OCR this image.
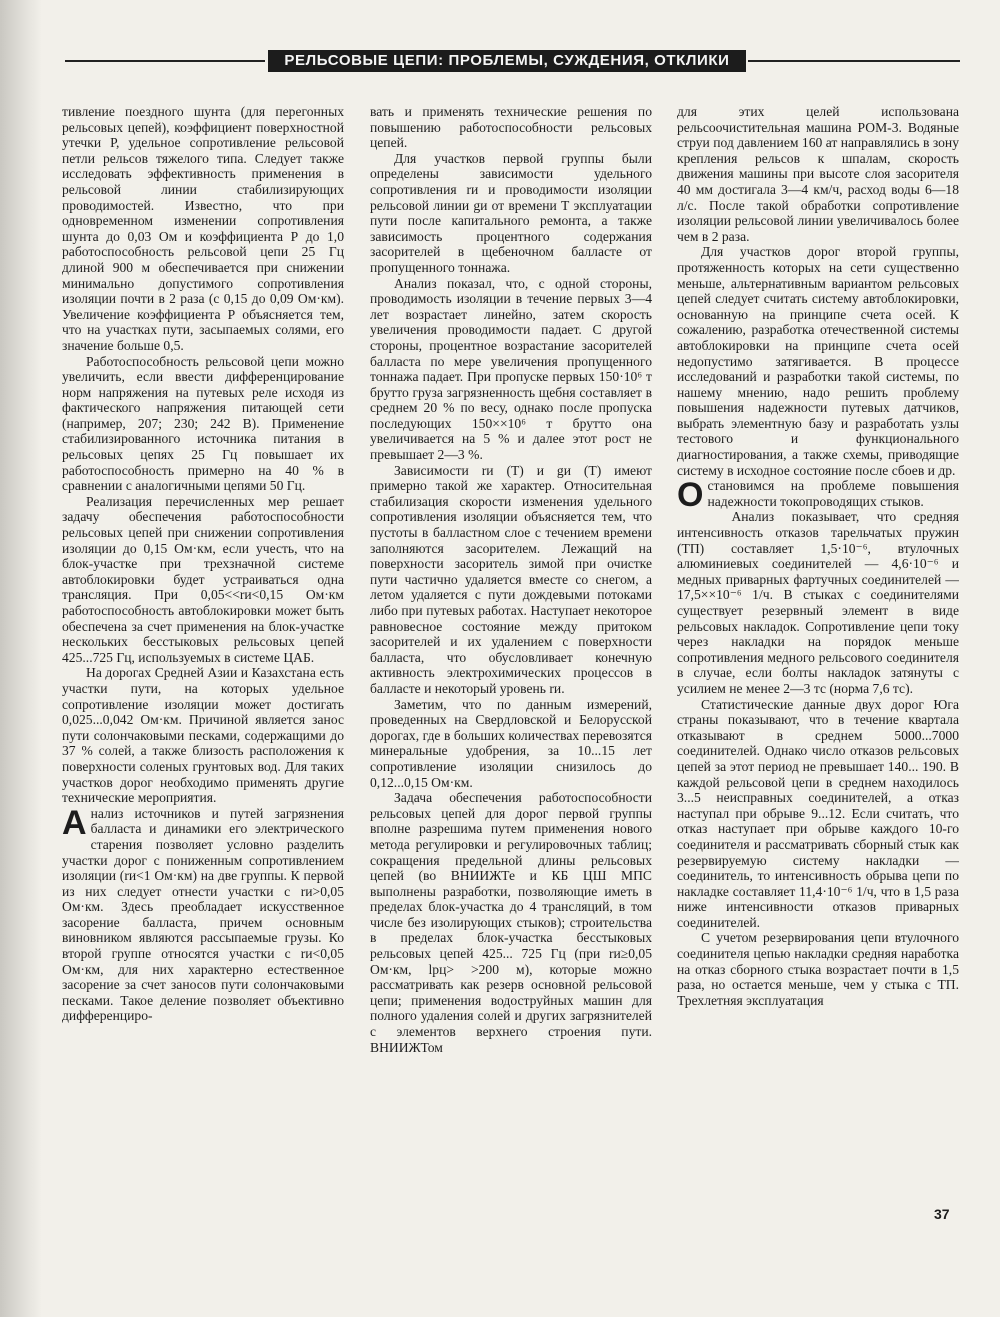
РЕЛЬСОВЫЕ ЦЕПИ: ПРОБЛЕМЫ, СУЖДЕНИЯ, ОТКЛИКИ

тивление поездного шунта (для перегонных рельсовых цепей), коэффициент поверхностной утечки Р, удельное сопротивление рельсовой петли рельсов тяжелого типа. Следует также исследовать эффективность применения в рельсовой линии стабилизирующих проводимостей. Известно, что при одновременном изменении сопротивления шунта до 0,03 Ом и коэффициента Р до 1,0 работоспособность рельсовой цепи 25 Гц длиной 900 м обеспечивается при снижении минимально допустимого сопротивления изоляции почти в 2 раза (с 0,15 до 0,09 Ом·км). Увеличение коэффициента Р объясняется тем, что на участках пути, засыпаемых солями, его значение больше 0,5.

Работоспособность рельсовой цепи можно увеличить, если ввести дифференцирование норм напряжения на путевых реле исходя из фактического напряжения питающей сети (например, 207; 230; 242 В). Применение стабилизированного источника питания в рельсовых цепях 25 Гц повышает их работоспособность примерно на 40 % в сравнении с аналогичными цепями 50 Гц.

Реализация перечисленных мер решает задачу обеспечения работоспособности рельсовых цепей при снижении сопротивления изоляции до 0,15 Ом·км, если учесть, что на блок-участке при трехзначной системе автоблокировки будет устраиваться одна трансляция. При 0,05<<rи<0,15 Ом·км работоспособность автоблокировки может быть обеспечена за счет применения на блок-участке нескольких бесстыковых рельсовых цепей 425...725 Гц, используемых в системе ЦАБ.

На дорогах Средней Азии и Казахстана есть участки пути, на которых удельное сопротивление изоляции может достигать 0,025...0,042 Ом·км. Причиной является занос пути солончаковыми песками, содержащими до 37 % солей, а также близость расположения к поверхности соленых грунтовых вод. Для таких участков дорог необходимо применять другие технические мероприятия.

Анализ источников и путей загрязнения балласта и динамики его электрического старения позволяет условно разделить участки дорог с пониженным сопротивлением изоляции (rи<1 Ом·км) на две группы. К первой из них следует отнести участки с rи>0,05 Ом·км. Здесь преобладает искусственное засорение балласта, причем основным виновником являются рассыпаемые грузы. Ко второй группе относятся участки с rи<0,05 Ом·км, для них характерно естественное засорение за счет заносов пути солончаковыми песками. Такое деление позволяет объективно дифференциро-

вать и применять технические решения по повышению работоспособности рельсовых цепей.

Для участков первой группы были определены зависимости удельного сопротивления rи и проводимости изоляции рельсовой линии gи от времени Т эксплуатации пути после капитального ремонта, а также зависимость процентного содержания засорителей в щебеночном балласте от пропущенного тоннажа.

Анализ показал, что, с одной стороны, проводимость изоляции в течение первых 3—4 лет возрастает линейно, затем скорость увеличения проводимости падает. С другой стороны, процентное возрастание засорителей балласта по мере увеличения пропущенного тоннажа падает. При пропуске первых 150·10⁶ т брутто груза загрязненность щебня составляет в среднем 20 % по весу, однако после пропуска последующих 150××10⁶ т брутто она увеличивается на 5 % и далее этот рост не превышает 2—3 %.

Зависимости rи (Т) и gи (Т) имеют примерно такой же характер. Относительная стабилизация скорости изменения удельного сопротивления изоляции объясняется тем, что пустоты в балластном слое с течением времени заполняются засорителем. Лежащий на поверхности засоритель зимой при очистке пути частично удаляется вместе со снегом, а летом удаляется с пути дождевыми потоками либо при путевых работах. Наступает некоторое равновесное состояние между притоком засорителей и их удалением с поверхности балласта, что обусловливает конечную активность электрохимических процессов в балласте и некоторый уровень rи.

Заметим, что по данным измерений, проведенных на Свердловской и Белорусской дорогах, где в больших количествах перевозятся минеральные удобрения, за 10...15 лет сопротивление изоляции снизилось до 0,12...0,15 Ом·км.

Задача обеспечения работоспособности рельсовых цепей для дорог первой группы вполне разрешима путем применения нового метода регулировки и регулировочных таблиц; сокращения предельной длины рельсовых цепей (во ВНИИЖТе и КБ ЦШ МПС выполнены разработки, позволяющие иметь в пределах блок-участка до 4 трансляций, в том числе без изолирующих стыков); строительства в пределах блок-участка бесстыковых рельсовых цепей 425... 725 Гц (при rи≥0,05 Ом·км, lрц> >200 м), которые можно рассматривать как резерв основной рельсовой цепи; применения водоструйных машин для полного удаления солей и других загрязнителей с элементов верхнего строения пути. ВНИИЖТом

для этих целей использована рельсоочистительная машина РОМ-3. Водяные струи под давлением 160 ат направлялись в зону крепления рельсов к шпалам, скорость движения машины при высоте слоя засорителя 40 мм достигала 3—4 км/ч, расход воды 6—18 л/с. После такой обработки сопротивление изоляции рельсовой линии увеличивалось более чем в 2 раза.

Для участков дорог второй группы, протяженность которых на сети существенно меньше, альтернативным вариантом рельсовых цепей следует считать систему автоблокировки, основанную на принципе счета осей. К сожалению, разработка отечественной системы автоблокировки на принципе счета осей недопустимо затягивается. В процессе исследований и разработки такой системы, по нашему мнению, надо решить проблему повышения надежности путевых датчиков, выбрать элементную базу и разработать узлы тестового и функционального диагностирования, а также схемы, приводящие систему в исходное состояние после сбоев и др.

Остановимся на проблеме повышения надежности токопроводящих стыков.

Анализ показывает, что средняя интенсивность отказов тарельчатых пружин (ТП) составляет 1,5·10⁻⁶, втулочных алюминиевых соединителей — 4,6·10⁻⁶ и медных приварных фартучных соединителей — 17,5××10⁻⁶ 1/ч. В стыках с соединителями существует резервный элемент в виде рельсовых накладок. Сопротивление цепи току через накладки на порядок меньше сопротивления медного рельсового соединителя в случае, если болты накладок затянуты с усилием не менее 2—3 тс (норма 7,6 тс).

Статистические данные двух дорог Юга страны показывают, что в течение квартала отказывают в среднем 5000...7000 соединителей. Однако число отказов рельсовых цепей за этот период не превышает 140... 190. В каждой рельсовой цепи в среднем находилось 3...5 неисправных соединителей, а отказ наступал при обрыве 9...12. Если считать, что отказ наступает при обрыве каждого 10-го соединителя и рассматривать сборный стык как резервируемую систему накладки — соединитель, то интенсивность обрыва цепи по накладке составляет 11,4·10⁻⁶ 1/ч, что в 1,5 раза ниже интенсивности отказов приварных соединителей.

С учетом резервирования цепи втулочного соединителя цепью накладки средняя наработка на отказ сборного стыка возрастает почти в 1,5 раза, но остается меньше, чем у стыка с ТП. Трехлетняя эксплуатация

37
